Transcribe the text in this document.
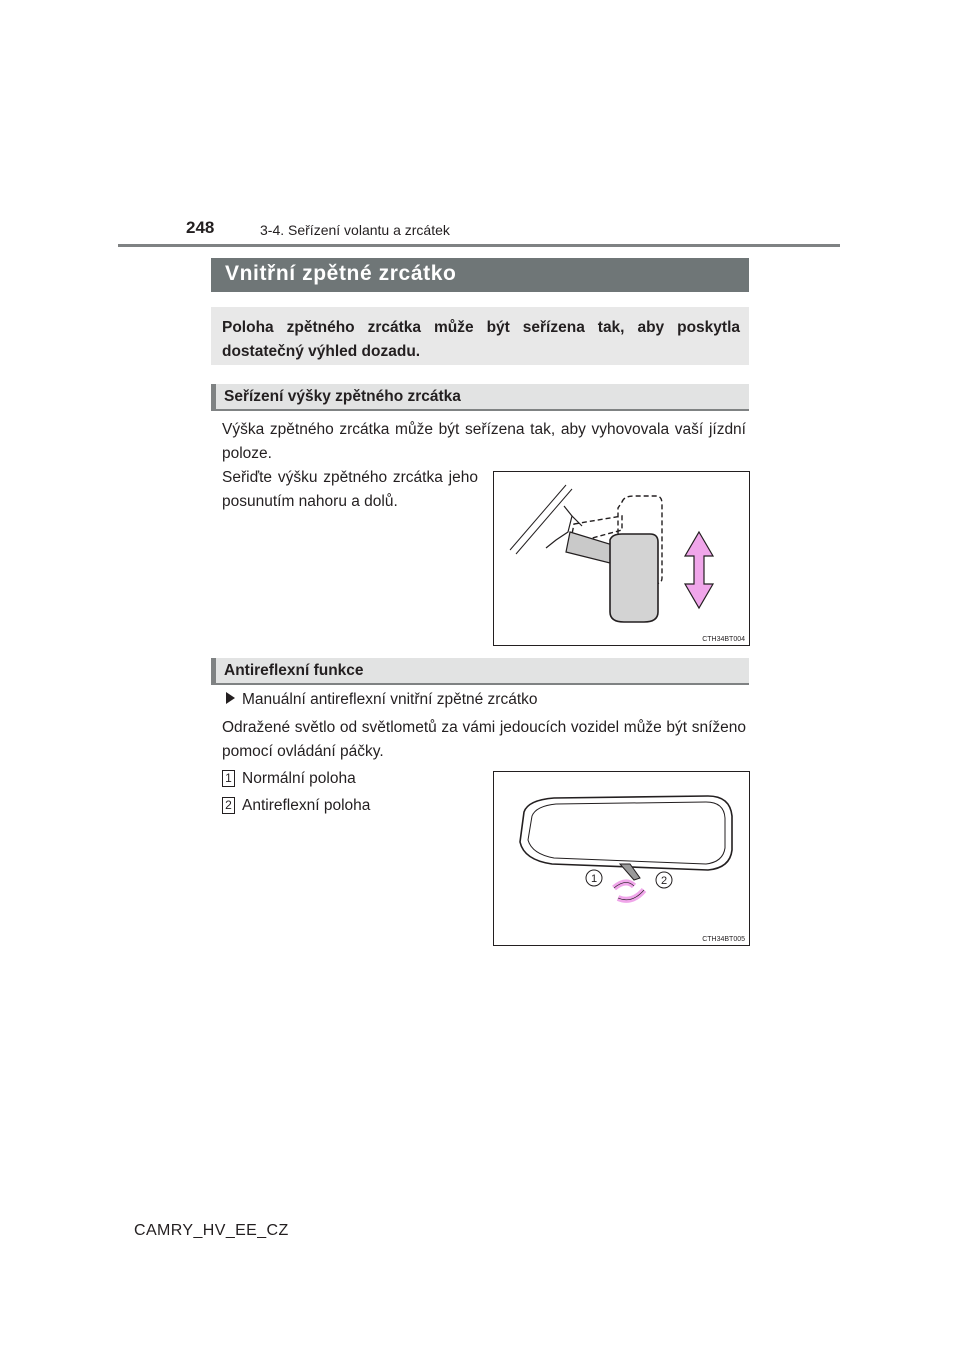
248	3-4. Seřízení volantu a zrcátek
Vnitřní zpětné zrcátko

Poloha zpětného zrcátka může být seřízena tak, aby poskytla dostatečný výhled dozadu.

Seřízení výšky zpětného zrcátka

Výška zpětného zrcátka může být seřízena tak, aby vyhovovala vaší jízdní poloze.

Seřiďte výšku zpětného zrcátka jeho posunutím nahoru a dolů.

CTH34BT004
Antireflexní funkce

Manuální antireflexní vnitřní zpětné zrcátko

Odražené světlo od světlometů za vámi jedoucích vozidel může být sníženo pomocí ovládání páčky.

1 Normální poloha
2 Antireflexní poloha
1	2
CTH34BT005
CAMRY_HV_EE_CZ
